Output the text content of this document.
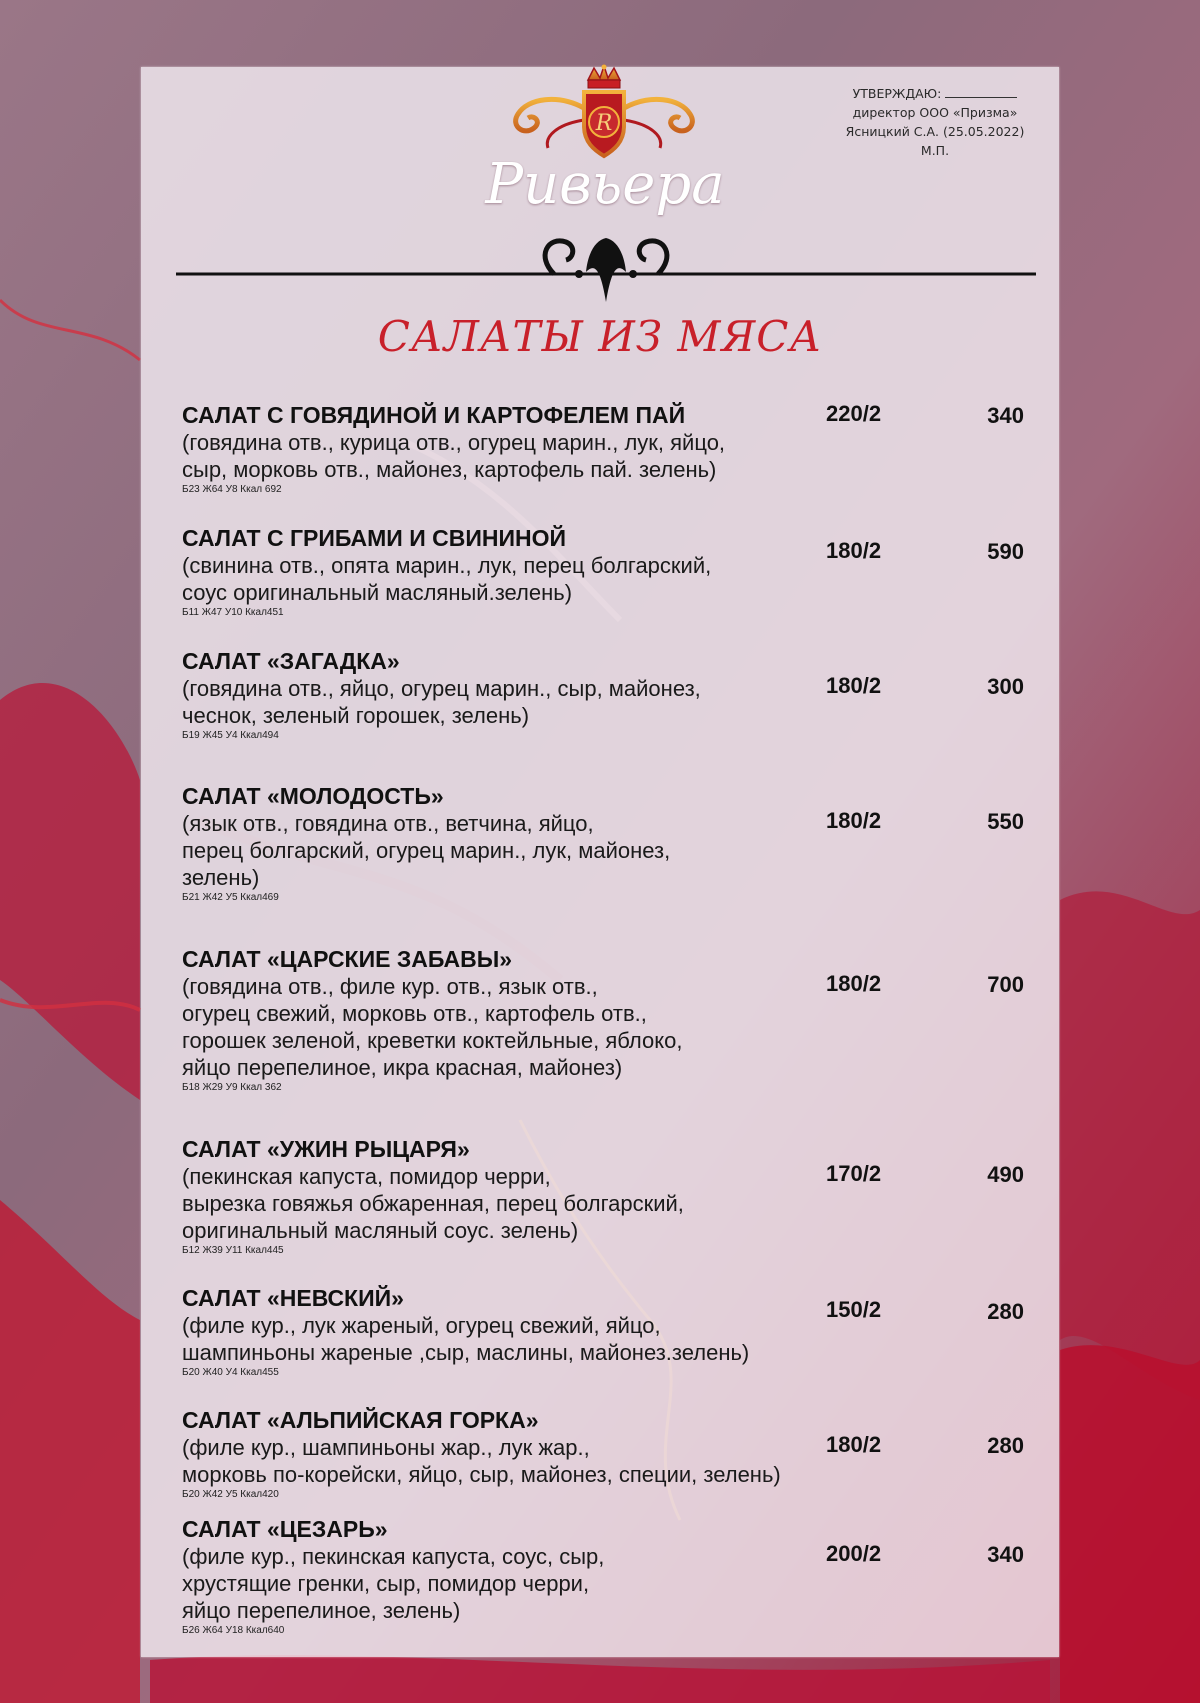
УТВЕРЖДАЮ:
директор ООО «Призма»
Ясницкий С.А. (25.05.2022)
М.П.
R
Ривьера
САЛАТЫ ИЗ МЯСА
САЛАТ С ГОВЯДИНОЙ И КАРТОФЕЛЕМ ПАЙ
(говядина отв., курица отв., огурец марин., лук, яйцо,
сыр, морковь отв., майонез, картофель пай. зелень)
Б23 Ж64 У8 Ккал 692
220/2	340
САЛАТ С ГРИБАМИ И СВИНИНОЙ
(свинина отв., опята марин., лук, перец болгарский,
соус оригинальный масляный.зелень)
Б11 Ж47 У10 Ккал451
180/2	590
САЛАТ «ЗАГАДКА»
(говядина отв., яйцо, огурец марин., сыр, майонез,
чеснок, зеленый горошек, зелень)
Б19 Ж45 У4 Ккал494
180/2	300
САЛАТ «МОЛОДОСТЬ»
(язык отв., говядина отв., ветчина, яйцо,
перец болгарский, огурец марин., лук, майонез,
зелень)
Б21 Ж42 У5 Ккал469
180/2	550
САЛАТ «ЦАРСКИЕ ЗАБАВЫ»
(говядина отв., филе кур. отв., язык отв.,
огурец свежий, морковь отв., картофель отв.,
горошек зеленой, креветки коктейльные, яблоко,
яйцо перепелиное, икра красная, майонез)
Б18 Ж29 У9 Ккал 362
180/2	700
САЛАТ «УЖИН РЫЦАРЯ»
(пекинская капуста, помидор черри,
вырезка говяжья обжаренная, перец болгарский,
оригинальный масляный соус. зелень)
Б12 Ж39 У11 Ккал445
170/2	490
САЛАТ «НЕВСКИЙ»
(филе кур., лук жареный, огурец свежий, яйцо,
шампиньоны жареные ,сыр, маслины, майонез.зелень)
Б20 Ж40 У4 Ккал455
150/2	280
САЛАТ «АЛЬПИЙСКАЯ ГОРКА»
(филе кур., шампиньоны жар., лук жар.,
морковь по-корейски, яйцо, сыр, майонез, специи, зелень)
Б20 Ж42 У5 Ккал420
180/2	280
САЛАТ «ЦЕЗАРЬ»
(филе кур., пекинская капуста, соус, сыр,
хрустящие гренки, сыр, помидор черри,
яйцо перепелиное, зелень)
Б26 Ж64 У18 Ккал640
200/2	340
